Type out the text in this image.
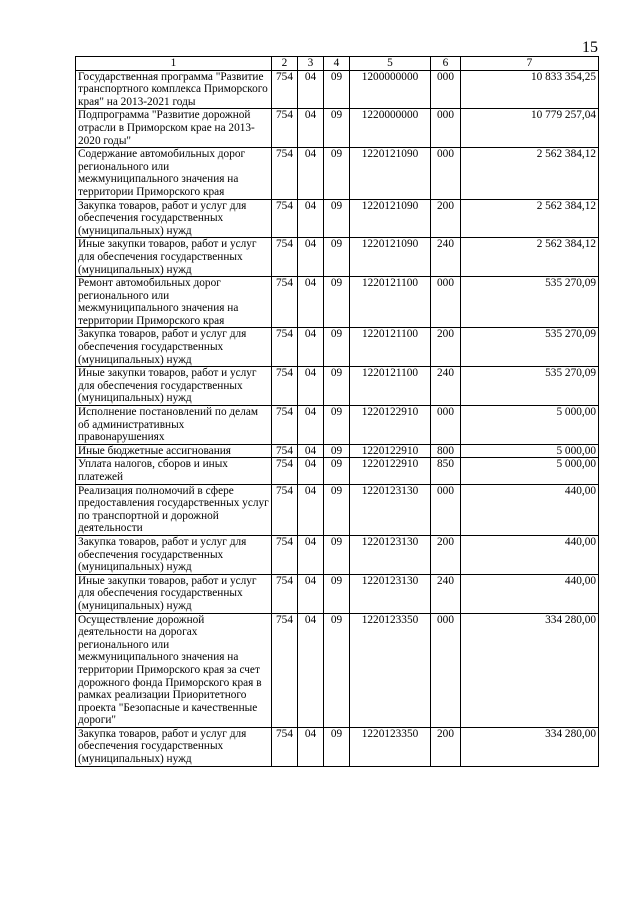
15
1	2	3	4	5	6	7
Государственная программа "Развитие транспортного комплекса Приморского края" на 2013-2021 годы	754	04	09	1200000000	000	10 833 354,25
Подпрограмма "Развитие дорожной отрасли в Приморском крае на 2013-2020 годы"	754	04	09	1220000000	000	10 779 257,04
Содержание автомобильных дорог регионального или межмуниципального значения на территории Приморского края	754	04	09	1220121090	000	2 562 384,12
Закупка товаров, работ и услуг для обеспечения государственных (муниципальных) нужд	754	04	09	1220121090	200	2 562 384,12
Иные закупки товаров, работ и услуг для обеспечения государственных (муниципальных) нужд	754	04	09	1220121090	240	2 562 384,12
Ремонт автомобильных дорог регионального или межмуниципального значения на территории Приморского края	754	04	09	1220121100	000	535 270,09
Закупка товаров, работ и услуг для обеспечения государственных (муниципальных) нужд	754	04	09	1220121100	200	535 270,09
Иные закупки товаров, работ и услуг для обеспечения государственных (муниципальных) нужд	754	04	09	1220121100	240	535 270,09
Исполнение постановлений по делам об административных правонарушениях	754	04	09	1220122910	000	5 000,00
Иные бюджетные ассигнования	754	04	09	1220122910	800	5 000,00
Уплата налогов, сборов и иных платежей	754	04	09	1220122910	850	5 000,00
Реализация полномочий в сфере предоставления государственных услуг по транспортной и дорожной деятельности	754	04	09	1220123130	000	440,00
Закупка товаров, работ и услуг для обеспечения государственных (муниципальных) нужд	754	04	09	1220123130	200	440,00
Иные закупки товаров, работ и услуг для обеспечения государственных (муниципальных) нужд	754	04	09	1220123130	240	440,00
Осуществление дорожной деятельности на дорогах регионального или межмуниципального значения на территории Приморского края за счет дорожного фонда Приморского края в рамках реализации Приоритетного проекта "Безопасные и качественные дороги"	754	04	09	1220123350	000	334 280,00
Закупка товаров, работ и услуг для обеспечения государственных (муниципальных) нужд	754	04	09	1220123350	200	334 280,00
